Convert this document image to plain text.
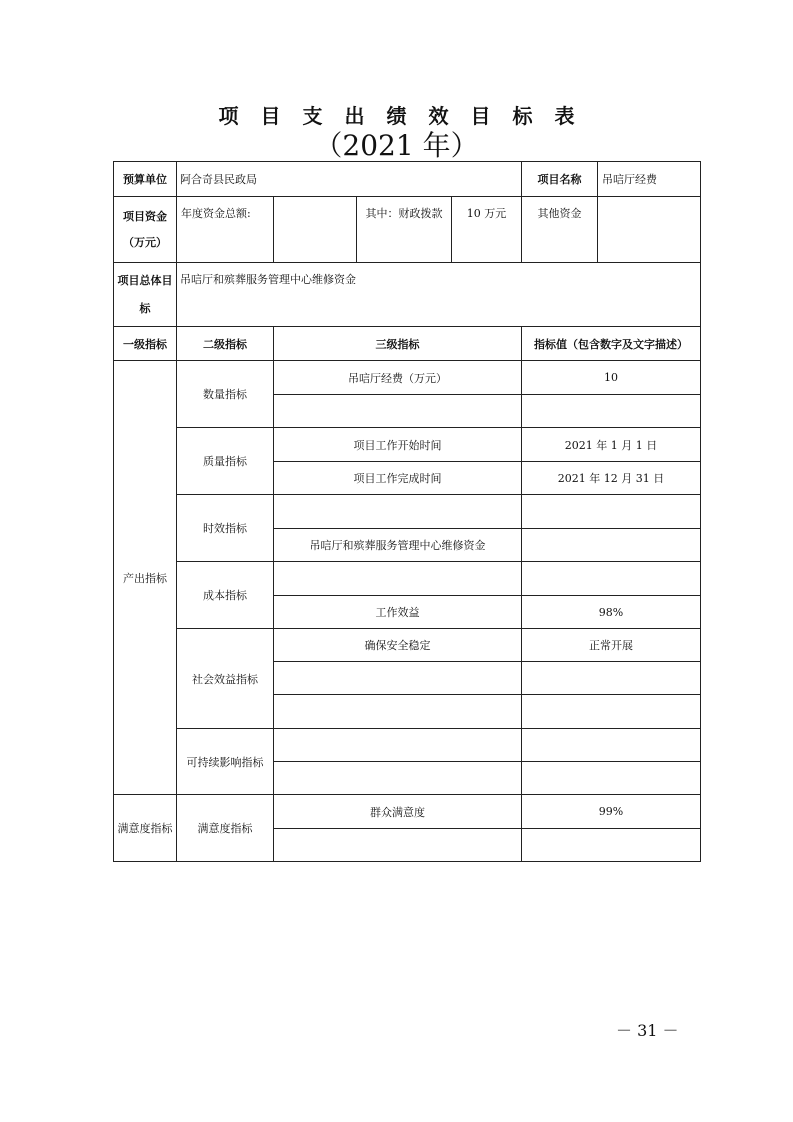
项目支出绩效目标表
（2021 年）
预算单位	阿合奇县民政局				项目名称	吊唁厅经费

项目资金
（万元）	年度资金总额:		其中：财政拨款	10 万元	其他资金	

项目总体目
标	吊唁厅和殡葬服务管理中心维修资金					
一级指标	二级指标	三级指标			指标值（包含数字及文字描述）	
产出指标	数量指标	吊唁厅经费（万元）			10	

	质量指标	项目工作开始时间			2021 年 1 月 1 日	
		项目工作完成时间			2021 年 12 月 31 日	
	时效指标					
		吊唁厅和殡葬服务管理中心维修资金				
	成本指标					
		工作效益			98%	
	社会效益指标	确保安全稳定			正常开展	

	可持续影响指标					

满意度指标	满意度指标	群众满意度			99%	

－ 31 －
